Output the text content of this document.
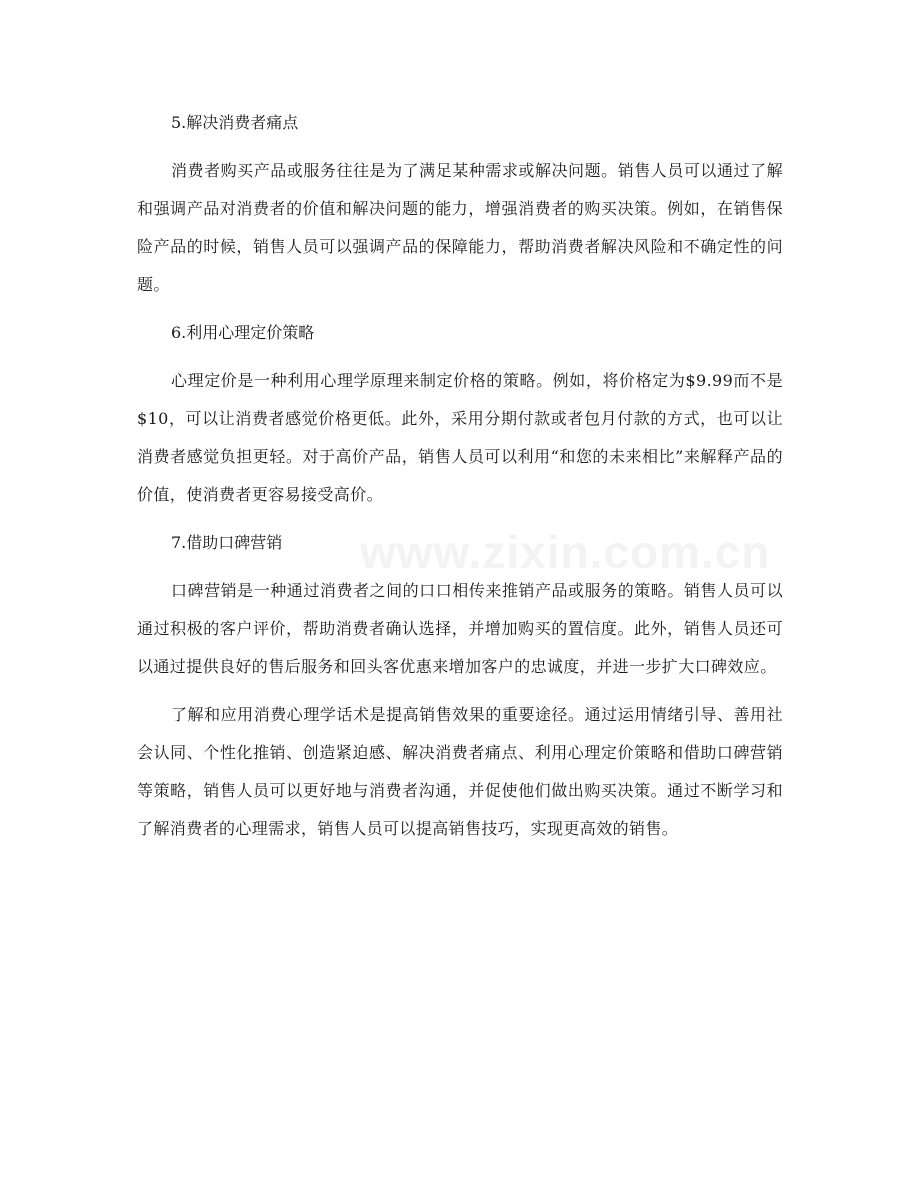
www.zixin.com.cn

5.解决消费者痛点

消费者购买产品或服务往往是为了满足某种需求或解决问题。销售人员可以通过了解和强调产品对消费者的价值和解决问题的能力，增强消费者的购买决策。例如，在销售保险产品的时候，销售人员可以强调产品的保障能力，帮助消费者解决风险和不确定性的问题。

6.利用心理定价策略

心理定价是一种利用心理学原理来制定价格的策略。例如，将价格定为$9.99而不是$10，可以让消费者感觉价格更低。此外，采用分期付款或者包月付款的方式，也可以让消费者感觉负担更轻。对于高价产品，销售人员可以利用“和您的未来相比”来解释产品的价值，使消费者更容易接受高价。

7.借助口碑营销

口碑营销是一种通过消费者之间的口口相传来推销产品或服务的策略。销售人员可以通过积极的客户评价，帮助消费者确认选择，并增加购买的置信度。此外，销售人员还可以通过提供良好的售后服务和回头客优惠来增加客户的忠诚度，并进一步扩大口碑效应。

了解和应用消费心理学话术是提高销售效果的重要途径。通过运用情绪引导、善用社会认同、个性化推销、创造紧迫感、解决消费者痛点、利用心理定价策略和借助口碑营销等策略，销售人员可以更好地与消费者沟通，并促使他们做出购买决策。通过不断学习和了解消费者的心理需求，销售人员可以提高销售技巧，实现更高效的销售。
